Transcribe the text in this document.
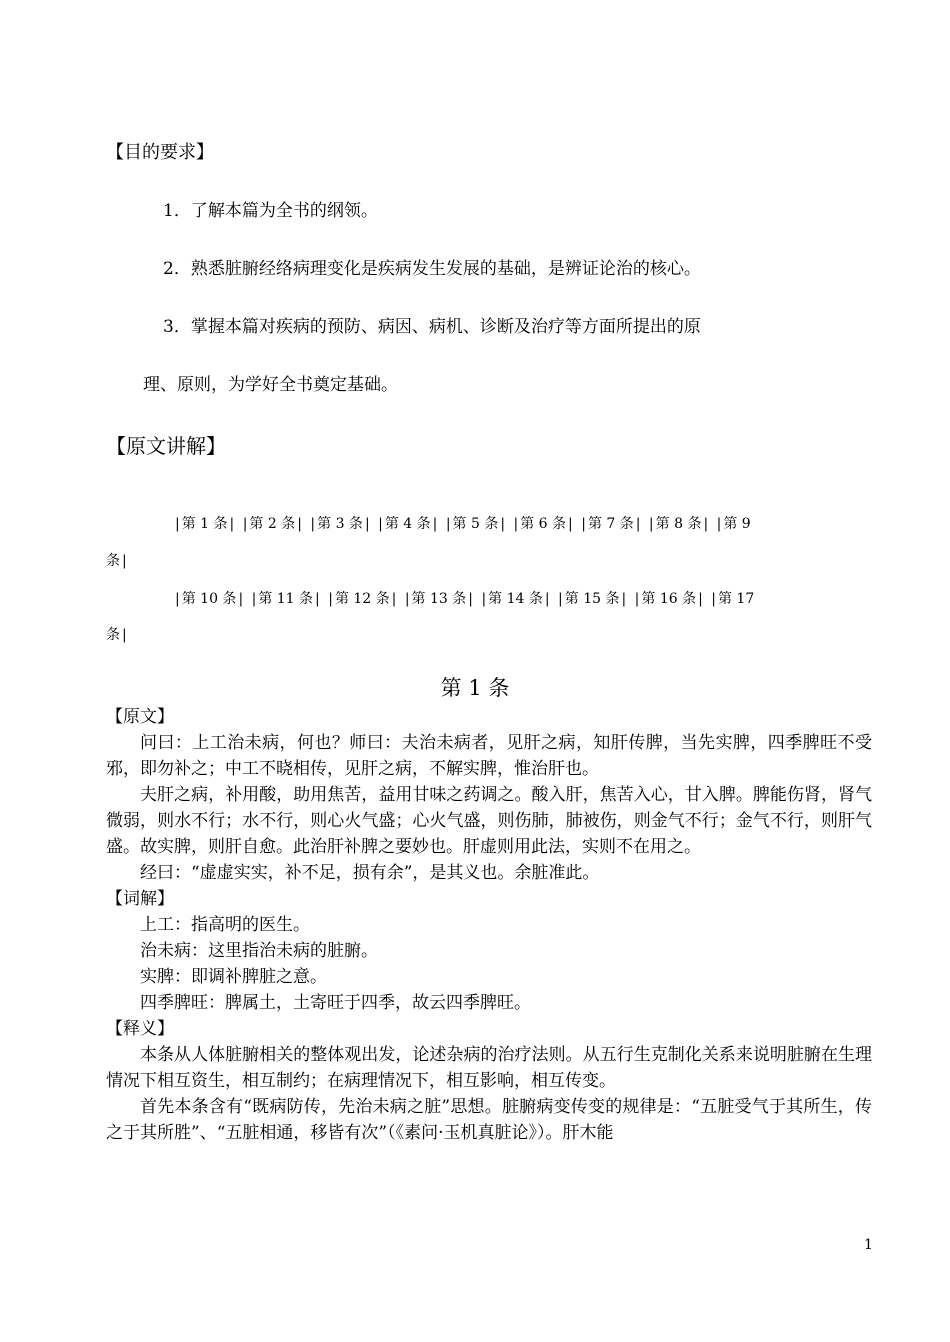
【目的要求】
1．了解本篇为全书的纲领。
2．熟悉脏腑经络病理变化是疾病发生发展的基础，是辨证论治的核心。
3．掌握本篇对疾病的预防、病因、病机、诊断及治疗等方面所提出的原
理、原则，为学好全书奠定基础。
【原文讲解】
| 第 1 条 | | 第 2 条 | | 第 3 条 | | 第 4 条 | | 第 5 条 | | 第 6 条 | | 第 7 条 | | 第 8 条 | | 第 9
条 |
| 第 10 条 | | 第 11 条 | | 第 12 条 | | 第 13 条 | | 第 14 条 | | 第 15 条 | | 第 16 条 | | 第 17
条 |
第 1 条
【原文】

问曰：上工治未病，何也？师曰：夫治未病者，见肝之病，知肝传脾，当先实脾，四季脾旺不受邪，即勿补之；中工不晓相传，见肝之病，不解实脾，惟治肝也。

夫肝之病，补用酸，助用焦苦，益用甘味之药调之。酸入肝，焦苦入心，甘入脾。脾能伤肾，肾气微弱，则水不行；水不行，则心火气盛；心火气盛，则伤肺，肺被伤，则金气不行；金气不行，则肝气盛。故实脾，则肝自愈。此治肝补脾之要妙也。肝虚则用此法，实则不在用之。

经曰：“虚虚实实，补不足，损有余”，是其义也。余脏准此。

【词解】

上工：指高明的医生。

治未病：这里指治未病的脏腑。

实脾：即调补脾脏之意。

四季脾旺：脾属土，土寄旺于四季，故云四季脾旺。

【释义】

本条从人体脏腑相关的整体观出发，论述杂病的治疗法则。从五行生克制化关系来说明脏腑在生理情况下相互资生，相互制约；在病理情况下，相互影响，相互传变。

首先本条含有“既病防传，先治未病之脏”思想。脏腑病变传变的规律是：“五脏受气于其所生，传之于其所胜”、“五脏相通，移皆有次”（《素问·玉机真脏论》）。肝木能

1
